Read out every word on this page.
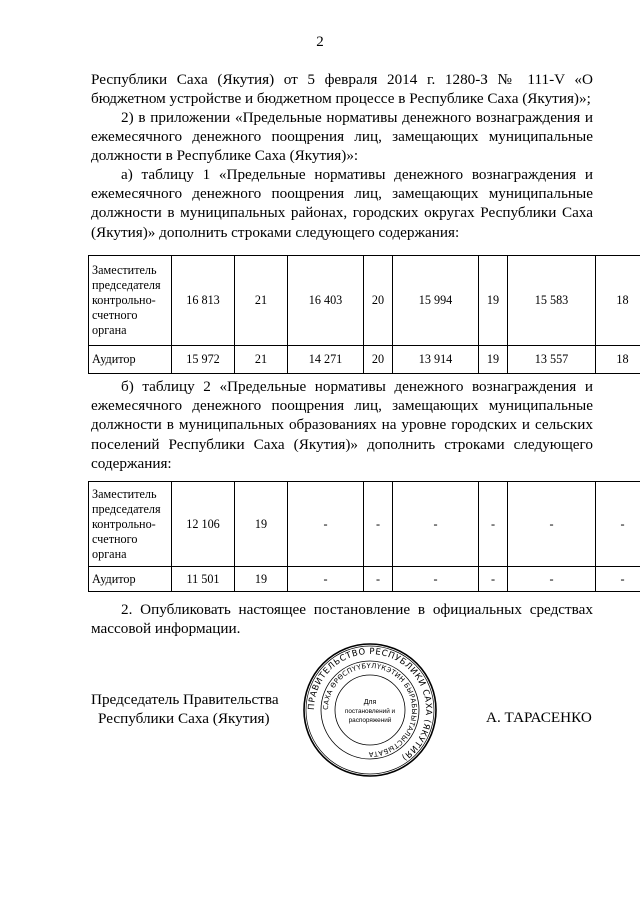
2

Республики Саха (Якутия) от 5 февраля 2014 г. 1280-З № 111-V «О бюджетном устройстве и бюджетном процессе в Республике Саха (Якутия)»;

2) в приложении «Предельные нормативы денежного вознаграждения и ежемесячного денежного поощрения лиц, замещающих муниципальные должности в Республике Саха (Якутия)»:

а) таблицу 1 «Предельные нормативы денежного вознаграждения и ежемесячного денежного поощрения лиц, замещающих муниципальные должности в муниципальных районах, городских округах Республики Саха (Якутия)» дополнить строками следующего содержания:

Заместитель председателя контрольно-счетного органа	16 813	21	16 403	20	15 994	19	15 583	18
Аудитор	15 972	21	14 271	20	13 914	19	13 557	18

б) таблицу 2 «Предельные нормативы денежного вознаграждения и ежемесячного денежного поощрения лиц, замещающих муниципальные должности в муниципальных образованиях на уровне городских и сельских поселений Республики Саха (Якутия)» дополнить строками следующего содержания:

Заместитель председателя контрольно-счетного органа	12 106	19	-	-	-	-	-	-
Аудитор	11 501	19	-	-	-	-	-	-

2. Опубликовать настоящее постановление в официальных средствах массовой информации.

Председатель Правительства
Республики Саха (Якутия)
ПРАВИТЕЛЬСТВО РЕСПУБЛИКИ САХА (ЯКУТИЯ)
САХА ӨРӨСПҮҮБҮЛҮКЭТИН БЫРАБЫЫТАЛЫСТЫБАТА
Для
постановлений и
распоряжений	А. ТАРАСЕНКО
